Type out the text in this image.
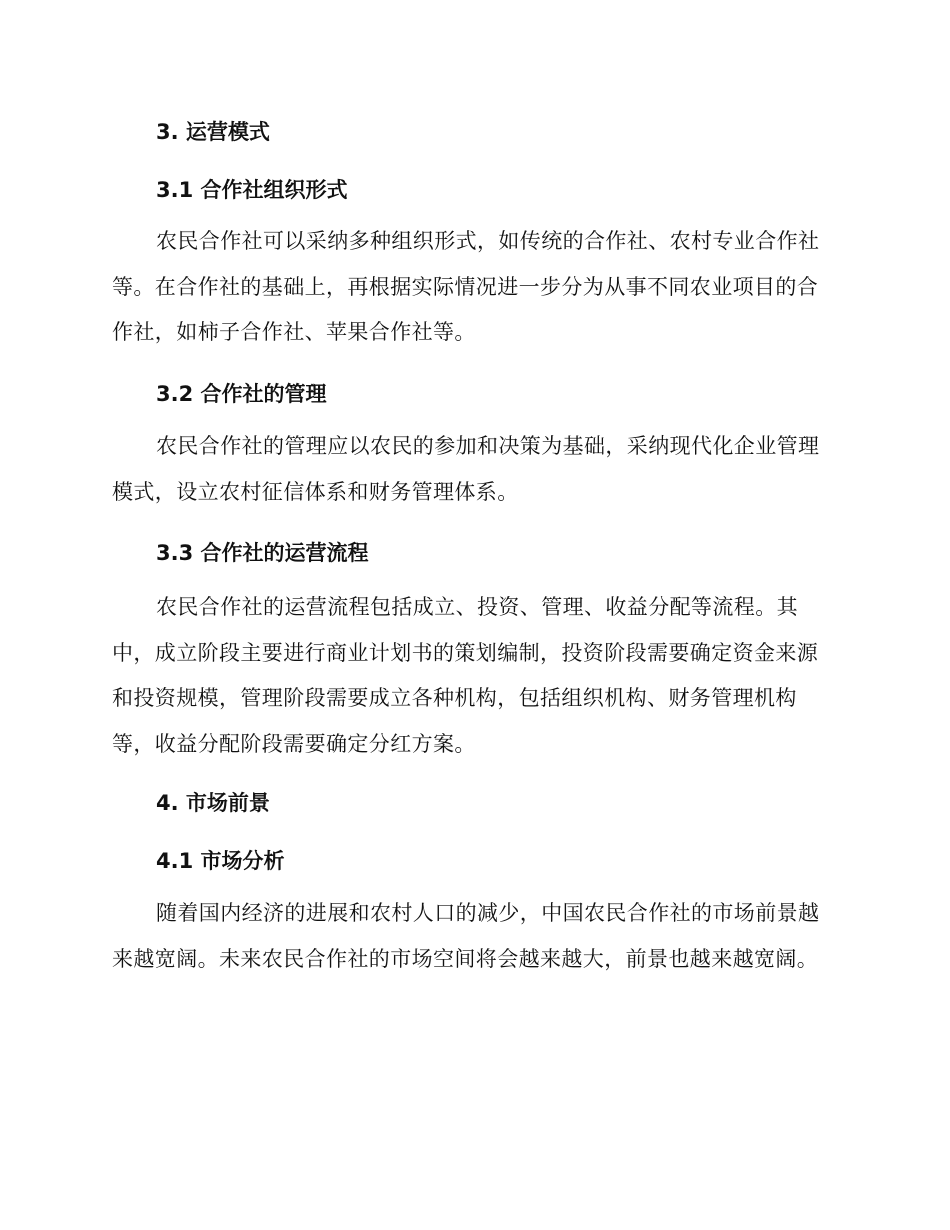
3. 运营模式
3.1 合作社组织形式
农民合作社可以采纳多种组织形式，如传统的合作社、农村专业合作社等。在合作社的基础上，再根据实际情况进一步分为从事不同农业项目的合作社，如柿子合作社、苹果合作社等。
3.2 合作社的管理
农民合作社的管理应以农民的参加和决策为基础，采纳现代化企业管理模式，设立农村征信体系和财务管理体系。
3.3 合作社的运营流程
农民合作社的运营流程包括成立、投资、管理、收益分配等流程。其中，成立阶段主要进行商业计划书的策划编制，投资阶段需要确定资金来源和投资规模，管理阶段需要成立各种机构，包括组织机构、财务管理机构等，收益分配阶段需要确定分红方案。
4. 市场前景
4.1 市场分析
随着国内经济的进展和农村人口的减少，中国农民合作社的市场前景越来越宽阔。未来农民合作社的市场空间将会越来越大，前景也越来越宽阔。
